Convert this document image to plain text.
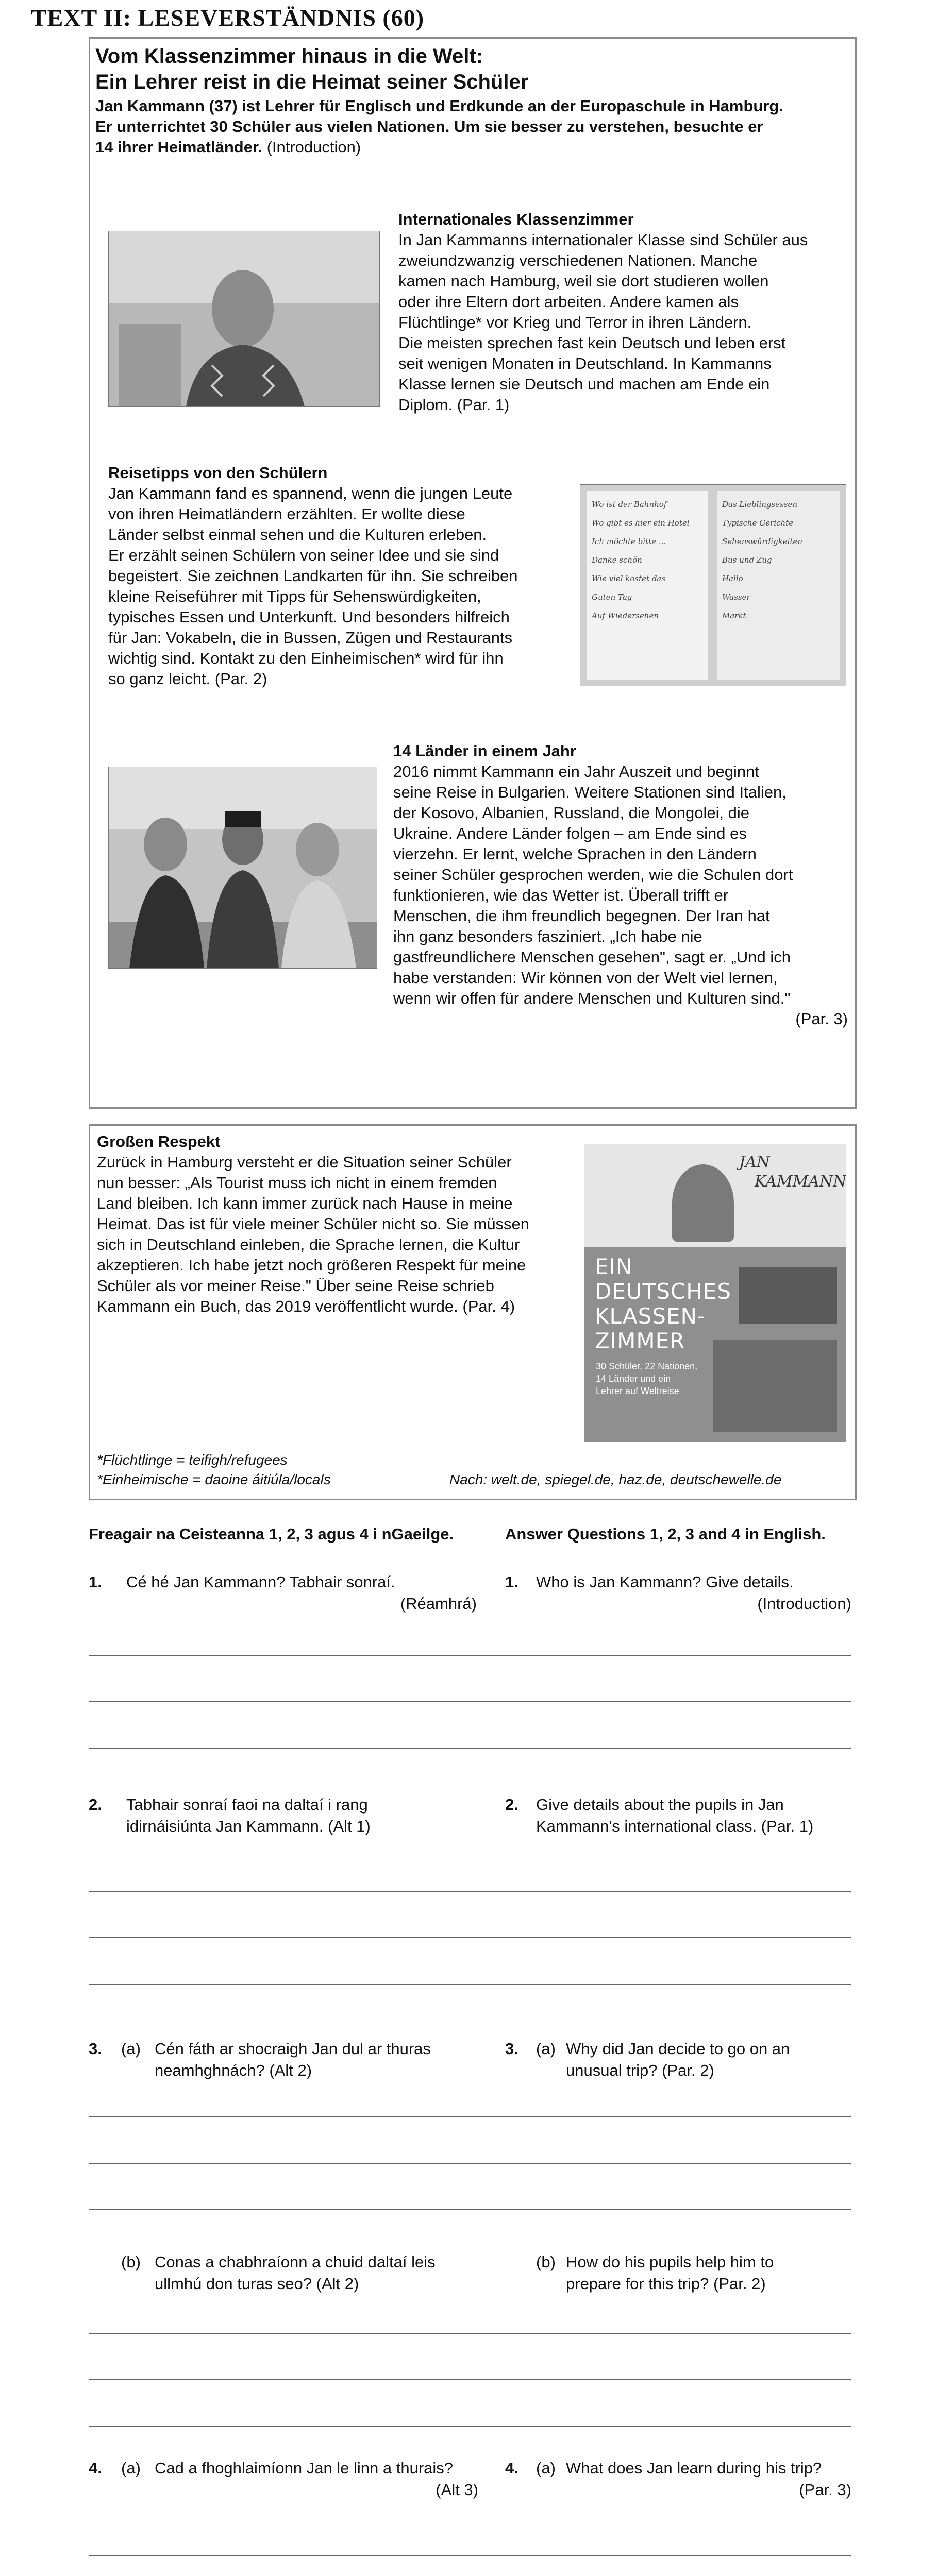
TEXT II: LESEVERSTÄNDNIS (60)
Vom Klassenzimmer hinaus in die Welt:
Ein Lehrer reist in die Heimat seiner Schüler
Jan Kammann (37) ist Lehrer für Englisch und Erdkunde an der Europaschule in Hamburg.
Er unterrichtet 30 Schüler aus vielen Nationen. Um sie besser zu verstehen, besuchte er
14 ihrer Heimatländer. (Introduction)
Internationales Klassenzimmer
In Jan Kammanns internationaler Klasse sind Schüler aus
zweiundzwanzig verschiedenen Nationen. Manche
kamen nach Hamburg, weil sie dort studieren wollen
oder ihre Eltern dort arbeiten. Andere kamen als
Flüchtlinge* vor Krieg und Terror in ihren Ländern.
Die meisten sprechen fast kein Deutsch und leben erst
seit wenigen Monaten in Deutschland. In Kammanns
Klasse lernen sie Deutsch und machen am Ende ein
Diplom. (Par. 1)
Reisetipps von den Schülern
Jan Kammann fand es spannend, wenn die jungen Leute
von ihren Heimatländern erzählten. Er wollte diese
Länder selbst einmal sehen und die Kulturen erleben.
Er erzählt seinen Schülern von seiner Idee und sie sind
begeistert. Sie zeichnen Landkarten für ihn. Sie schreiben
kleine Reiseführer mit Tipps für Sehenswürdigkeiten,
typisches Essen und Unterkunft. Und besonders hilfreich
für Jan: Vokabeln, die in Bussen, Zügen und Restaurants
wichtig sind. Kontakt zu den Einheimischen* wird für ihn
so ganz leicht. (Par. 2)
Wo ist der Bahnhof
Wo gibt es hier ein Hotel
Ich möchte bitte ...
Danke schön
Wie viel kostet das
Guten Tag
Auf Wiedersehen
Das Lieblingsessen
Typische Gerichte
Sehenswürdigkeiten
Bus und Zug
Hallo
Wasser
Markt
14 Länder in einem Jahr
2016 nimmt Kammann ein Jahr Auszeit und beginnt
seine Reise in Bulgarien. Weitere Stationen sind Italien,
der Kosovo, Albanien, Russland, die Mongolei, die
Ukraine. Andere Länder folgen – am Ende sind es
vierzehn. Er lernt, welche Sprachen in den Ländern
seiner Schüler gesprochen werden, wie die Schulen dort
funktionieren, wie das Wetter ist. Überall trifft er
Menschen, die ihm freundlich begegnen. Der Iran hat
ihn ganz besonders fasziniert. „Ich habe nie
gastfreundlichere Menschen gesehen", sagt er. „Und ich
habe verstanden: Wir können von der Welt viel lernen,
wenn wir offen für andere Menschen und Kulturen sind."
(Par. 3)
Großen Respekt
Zurück in Hamburg versteht er die Situation seiner Schüler
nun besser: „Als Tourist muss ich nicht in einem fremden
Land bleiben. Ich kann immer zurück nach Hause in meine
Heimat. Das ist für viele meiner Schüler nicht so. Sie müssen
sich in Deutschland einleben, die Sprache lernen, die Kultur
akzeptieren. Ich habe jetzt noch größeren Respekt für meine
Schüler als vor meiner Reise." Über seine Reise schrieb
Kammann ein Buch, das 2019 veröffentlicht wurde. (Par. 4)
JAN
KAMMANN
EIN
DEUTSCHES
KLASSEN-
ZIMMER
30 Schüler, 22 Nationen,
14 Länder und ein
Lehrer auf Weltreise
*Flüchtlinge = teifigh/refugees
*Einheimische = daoine áitiúla/locals	Nach: welt.de, spiegel.de, haz.de, deutschewelle.de
Freagair na Ceisteanna 1, 2, 3 agus 4 i nGaeilge.	Answer Questions 1, 2, 3 and 4 in English.
1. Cé hé Jan Kammann? Tabhair sonraí.
(Réamhrá)
1. Who is Jan Kammann? Give details.
(Introduction)
2. Tabhair sonraí faoi na daltaí i rang
idirnáisiúnta Jan Kammann. (Alt 1)
2. Give details about the pupils in Jan
Kammann's international class. (Par. 1)
3. (a) Cén fáth ar shocraigh Jan dul ar thuras
neamhghnách? (Alt 2)
3. (a) Why did Jan decide to go on an
unusual trip? (Par. 2)
(b) Conas a chabhraíonn a chuid daltaí leis
ullmhú don turas seo? (Alt 2)
(b) How do his pupils help him to
prepare for this trip? (Par. 2)
4. (a) Cad a fhoghlaimíonn Jan le linn a thurais?
(Alt 3)
4. (a) What does Jan learn during his trip?
(Par. 3)
